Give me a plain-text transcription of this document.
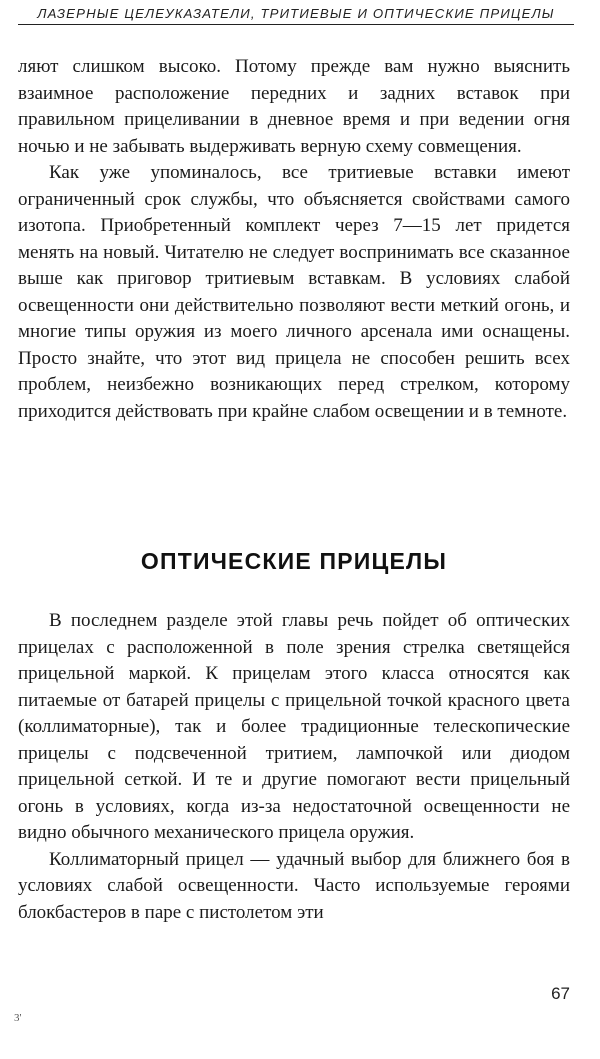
ЛАЗЕРНЫЕ ЦЕЛЕУКАЗАТЕЛИ, ТРИТИЕВЫЕ И ОПТИЧЕСКИЕ ПРИЦЕЛЫ

ляют слишком высоко. Потому прежде вам нужно выяснить взаимное расположение передних и задних вставок при правильном прицеливании в дневное время и при ведении огня ночью и не забывать выдерживать верную схему совмещения.

Как уже упоминалось, все тритиевые вставки имеют ограниченный срок службы, что объясняется свойствами самого изотопа. Приобретенный комплект через 7—15 лет придется менять на новый. Читателю не следует воспринимать все сказанное выше как приговор тритиевым вставкам. В условиях слабой освещенности они действительно позволяют вести меткий огонь, и многие типы оружия из моего личного арсенала ими оснащены. Просто знайте, что этот вид прицела не способен решить всех проблем, неизбежно возникающих перед стрелком, которому приходится действовать при крайне слабом освещении и в темноте.

ОПТИЧЕСКИЕ ПРИЦЕЛЫ

В последнем разделе этой главы речь пойдет об оптических прицелах с расположенной в поле зрения стрелка светящейся прицельной маркой. К прицелам этого класса относятся как питаемые от батарей прицелы с прицельной точкой красного цвета (коллиматорные), так и более традиционные телескопические прицелы с подсвеченной тритием, лампочкой или диодом прицельной сеткой. И те и другие помогают вести прицельный огонь в условиях, когда из-за недостаточной освещенности не видно обычного механического прицела оружия.

Коллиматорный прицел — удачный выбор для ближнего боя в условиях слабой освещенности. Часто используемые героями блокбастеров в паре с пистолетом эти

67
3'
